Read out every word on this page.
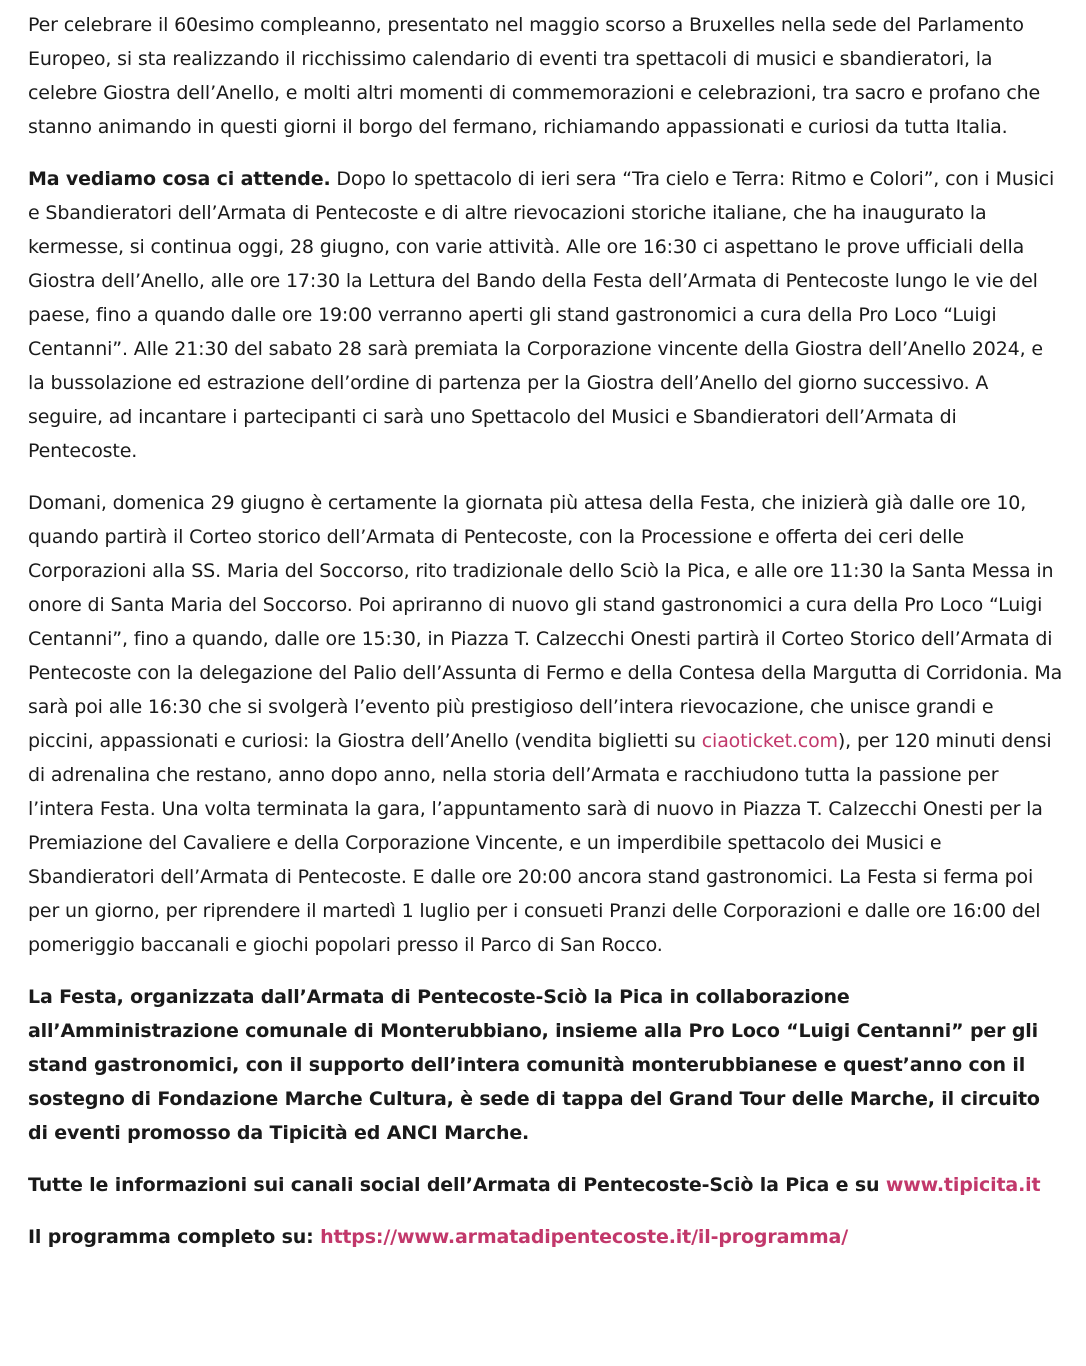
Per celebrare il 60esimo compleanno, presentato nel maggio scorso a Bruxelles nella sede del Parlamento Europeo, si sta realizzando il ricchissimo calendario di eventi tra spettacoli di musici e sbandieratori, la celebre Giostra dell’Anello, e molti altri momenti di commemorazioni e celebrazioni, tra sacro e profano che stanno animando in questi giorni il borgo del fermano, richiamando appassionati e curiosi da tutta Italia.

Ma vediamo cosa ci attende. Dopo lo spettacolo di ieri sera “Tra cielo e Terra: Ritmo e Colori”, con i Musici e Sbandieratori dell’Armata di Pentecoste e di altre rievocazioni storiche italiane, che ha inaugurato la kermesse, si continua oggi, 28 giugno, con varie attività. Alle ore 16:30 ci aspettano le prove ufficiali della Giostra dell’Anello, alle ore 17:30 la Lettura del Bando della Festa dell’Armata di Pentecoste lungo le vie del paese, fino a quando dalle ore 19:00 verranno aperti gli stand gastronomici a cura della Pro Loco “Luigi Centanni”. Alle 21:30 del sabato 28 sarà premiata la Corporazione vincente della Giostra dell’Anello 2024, e la bussolazione ed estrazione dell’ordine di partenza per la Giostra dell’Anello del giorno successivo. A seguire, ad incantare i partecipanti ci sarà uno Spettacolo del Musici e Sbandieratori dell’Armata di Pentecoste.

Domani, domenica 29 giugno è certamente la giornata più attesa della Festa, che inizierà già dalle ore 10, quando partirà il Corteo storico dell’Armata di Pentecoste, con la Processione e offerta dei ceri delle Corporazioni alla SS. Maria del Soccorso, rito tradizionale dello Sciò la Pica, e alle ore 11:30 la Santa Messa in onore di Santa Maria del Soccorso. Poi apriranno di nuovo gli stand gastronomici a cura della Pro Loco “Luigi Centanni”, fino a quando, dalle ore 15:30, in Piazza T. Calzecchi Onesti partirà il Corteo Storico dell’Armata di Pentecoste con la delegazione del Palio dell’Assunta di Fermo e della Contesa della Margutta di Corridonia. Ma sarà poi alle 16:30 che si svolgerà l’evento più prestigioso dell’intera rievocazione, che unisce grandi e piccini, appassionati e curiosi: la Giostra dell’Anello (vendita biglietti su ciaoticket.com), per 120 minuti densi di adrenalina che restano, anno dopo anno, nella storia dell’Armata e racchiudono tutta la passione per l’intera Festa. Una volta terminata la gara, l’appuntamento sarà di nuovo in Piazza T. Calzecchi Onesti per la Premiazione del Cavaliere e della Corporazione Vincente, e un imperdibile spettacolo dei Musici e Sbandieratori dell’Armata di Pentecoste. E dalle ore 20:00 ancora stand gastronomici. La Festa si ferma poi per un giorno, per riprendere il martedì 1 luglio per i consueti Pranzi delle Corporazioni e dalle ore 16:00 del pomeriggio baccanali e giochi popolari presso il Parco di San Rocco.

La Festa, organizzata dall’Armata di Pentecoste-Sciò la Pica in collaborazione all’Amministrazione comunale di Monterubbiano, insieme alla Pro Loco “Luigi Centanni” per gli stand gastronomici, con il supporto dell’intera comunità monterubbianese e quest’anno con il sostegno di Fondazione Marche Cultura, è sede di tappa del Grand Tour delle Marche, il circuito di eventi promosso da Tipicità ed ANCI Marche.

Tutte le informazioni sui canali social dell’Armata di Pentecoste-Sciò la Pica e su www.tipicita.it

Il programma completo su: https://www.armatadipentecoste.it/il-programma/
